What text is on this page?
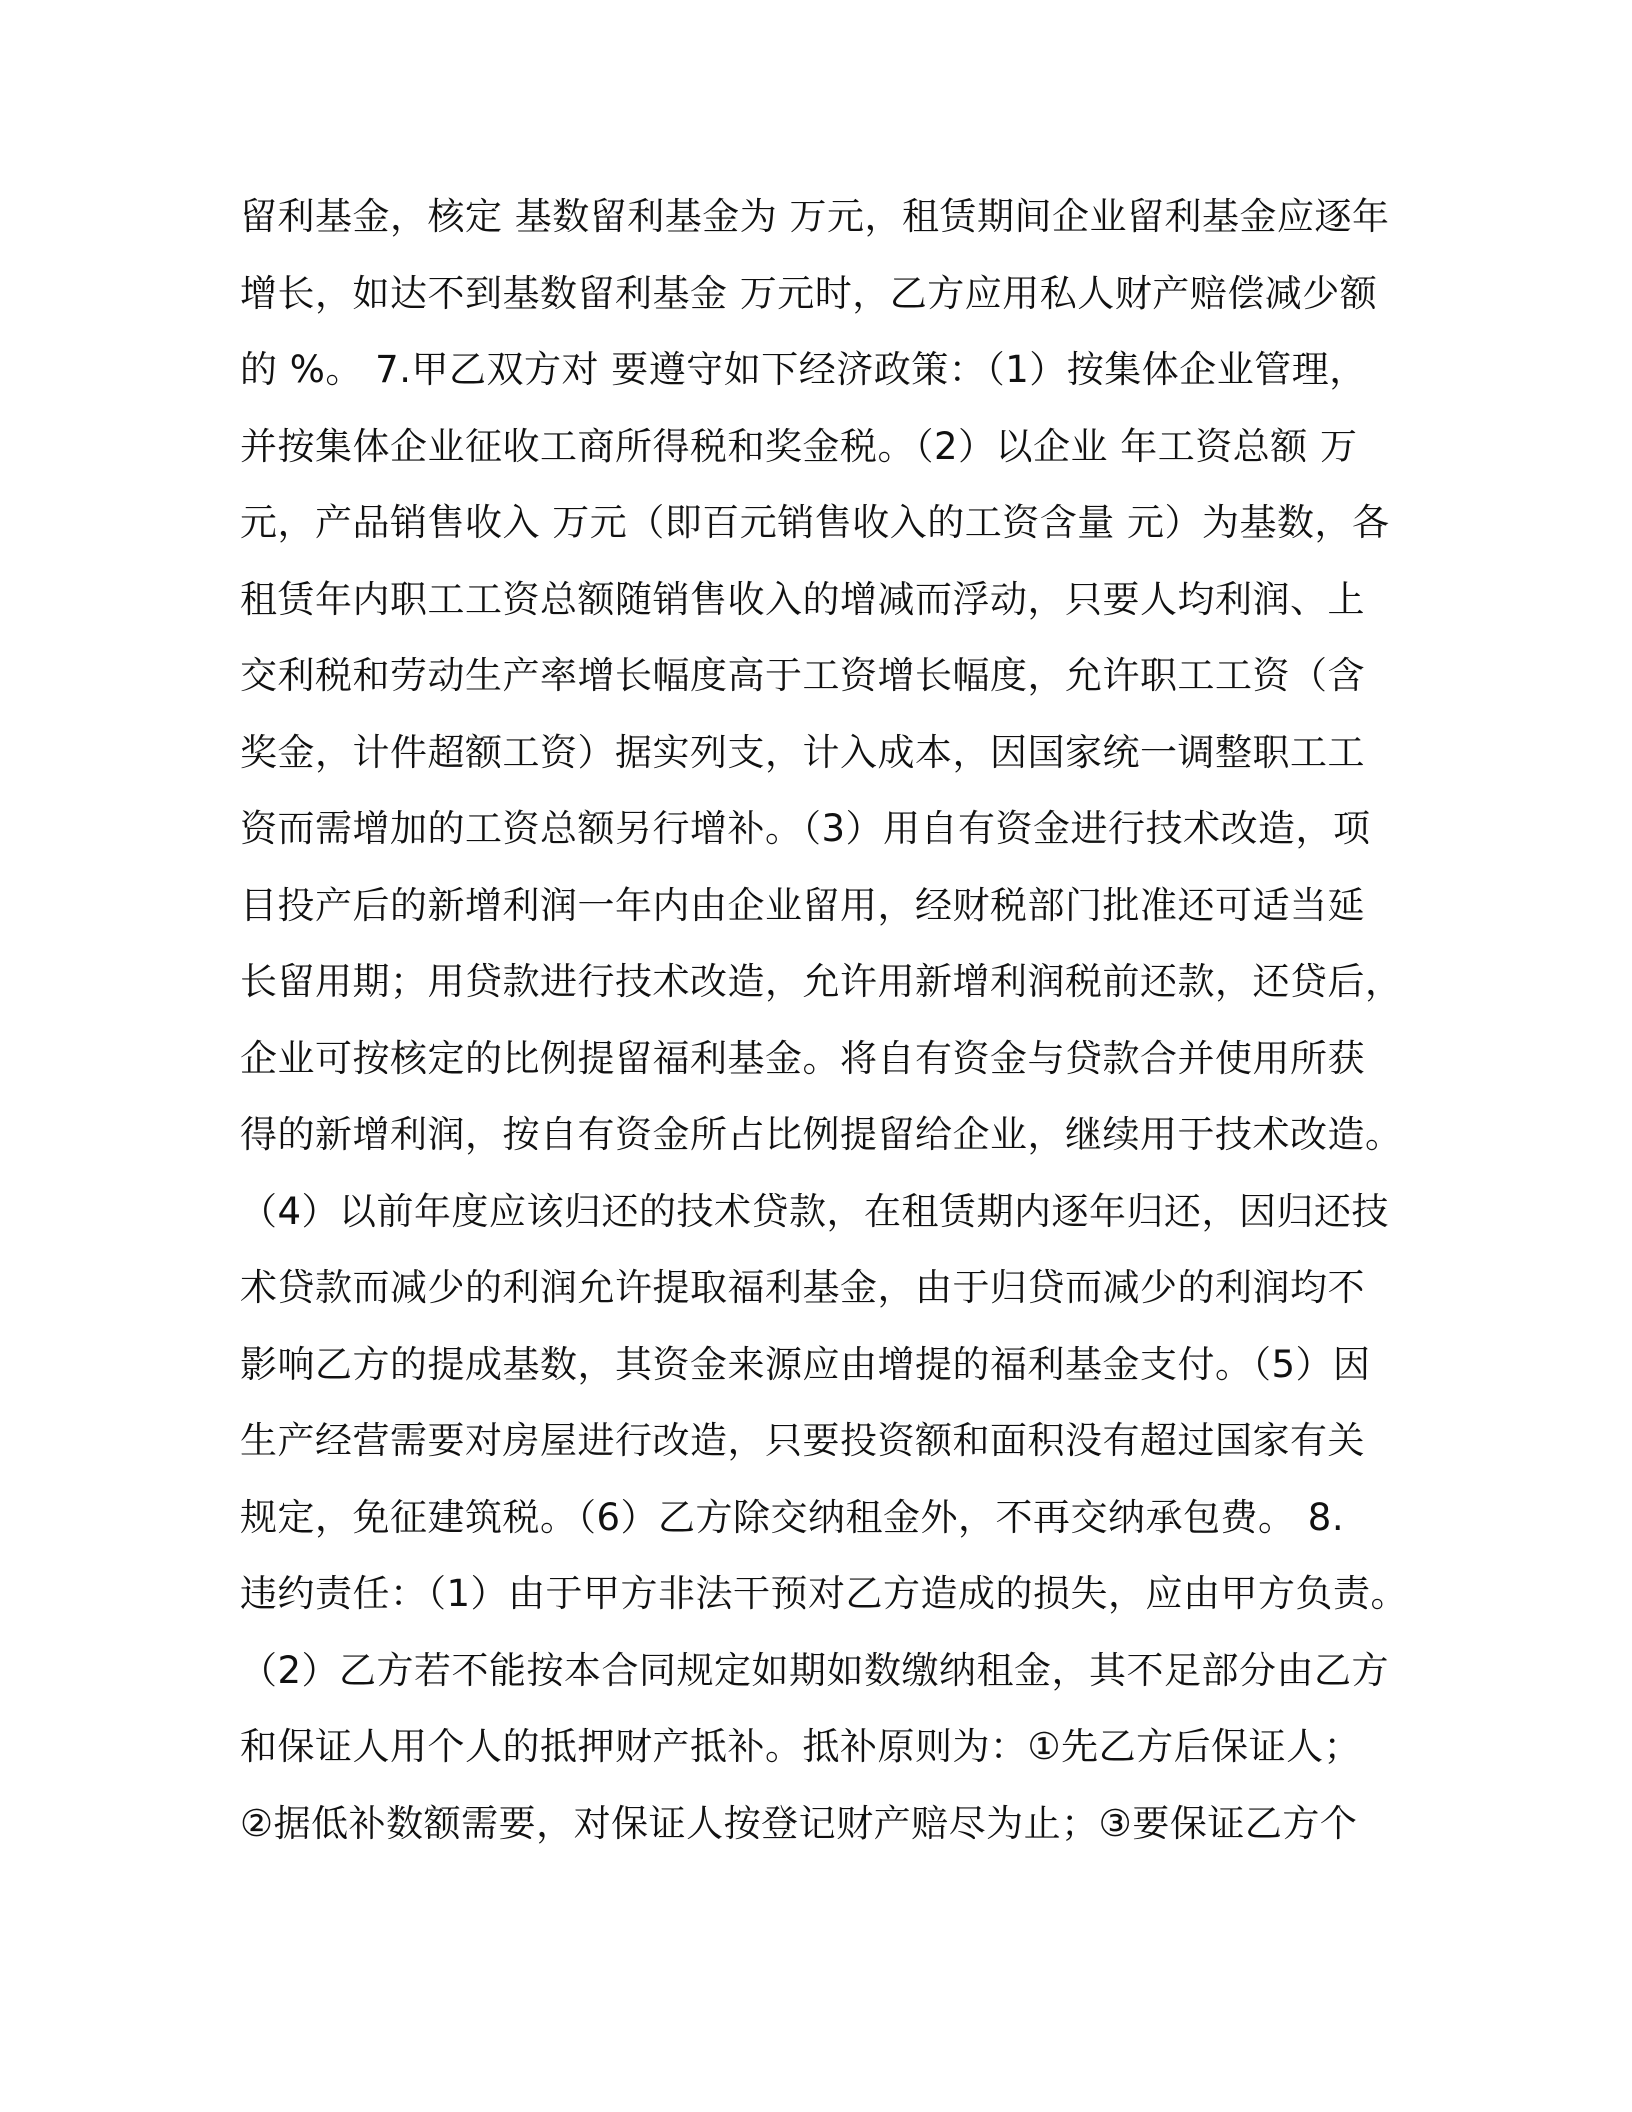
留利基金，核定 基数留利基金为 万元，租赁期间企业留利基金应逐年

增长，如达不到基数留利基金 万元时，乙方应用私人财产赔偿减少额

的 %。 7.甲乙双方对 要遵守如下经济政策：（1）按集体企业管理，

并按集体企业征收工商所得税和奖金税。（2）以企业 年工资总额 万

元，产品销售收入 万元（即百元销售收入的工资含量 元）为基数，各

租赁年内职工工资总额随销售收入的增减而浮动，只要人均利润、上

交利税和劳动生产率增长幅度高于工资增长幅度，允许职工工资（含

奖金，计件超额工资）据实列支，计入成本，因国家统一调整职工工

资而需增加的工资总额另行增补。（3）用自有资金进行技术改造，项

目投产后的新增利润一年内由企业留用，经财税部门批准还可适当延

长留用期；用贷款进行技术改造，允许用新增利润税前还款，还贷后，

企业可按核定的比例提留福利基金。将自有资金与贷款合并使用所获

得的新增利润，按自有资金所占比例提留给企业，继续用于技术改造。

（4）以前年度应该归还的技术贷款，在租赁期内逐年归还，因归还技

术贷款而减少的利润允许提取福利基金，由于归贷而减少的利润均不

影响乙方的提成基数，其资金来源应由增提的福利基金支付。（5）因

生产经营需要对房屋进行改造，只要投资额和面积没有超过国家有关

规定，免征建筑税。（6）乙方除交纳租金外，不再交纳承包费。 8.

违约责任：（1）由于甲方非法干预对乙方造成的损失，应由甲方负责。

（2）乙方若不能按本合同规定如期如数缴纳租金，其不足部分由乙方

和保证人用个人的抵押财产抵补。抵补原则为：①先乙方后保证人；

②据低补数额需要，对保证人按登记财产赔尽为止；③要保证乙方个
